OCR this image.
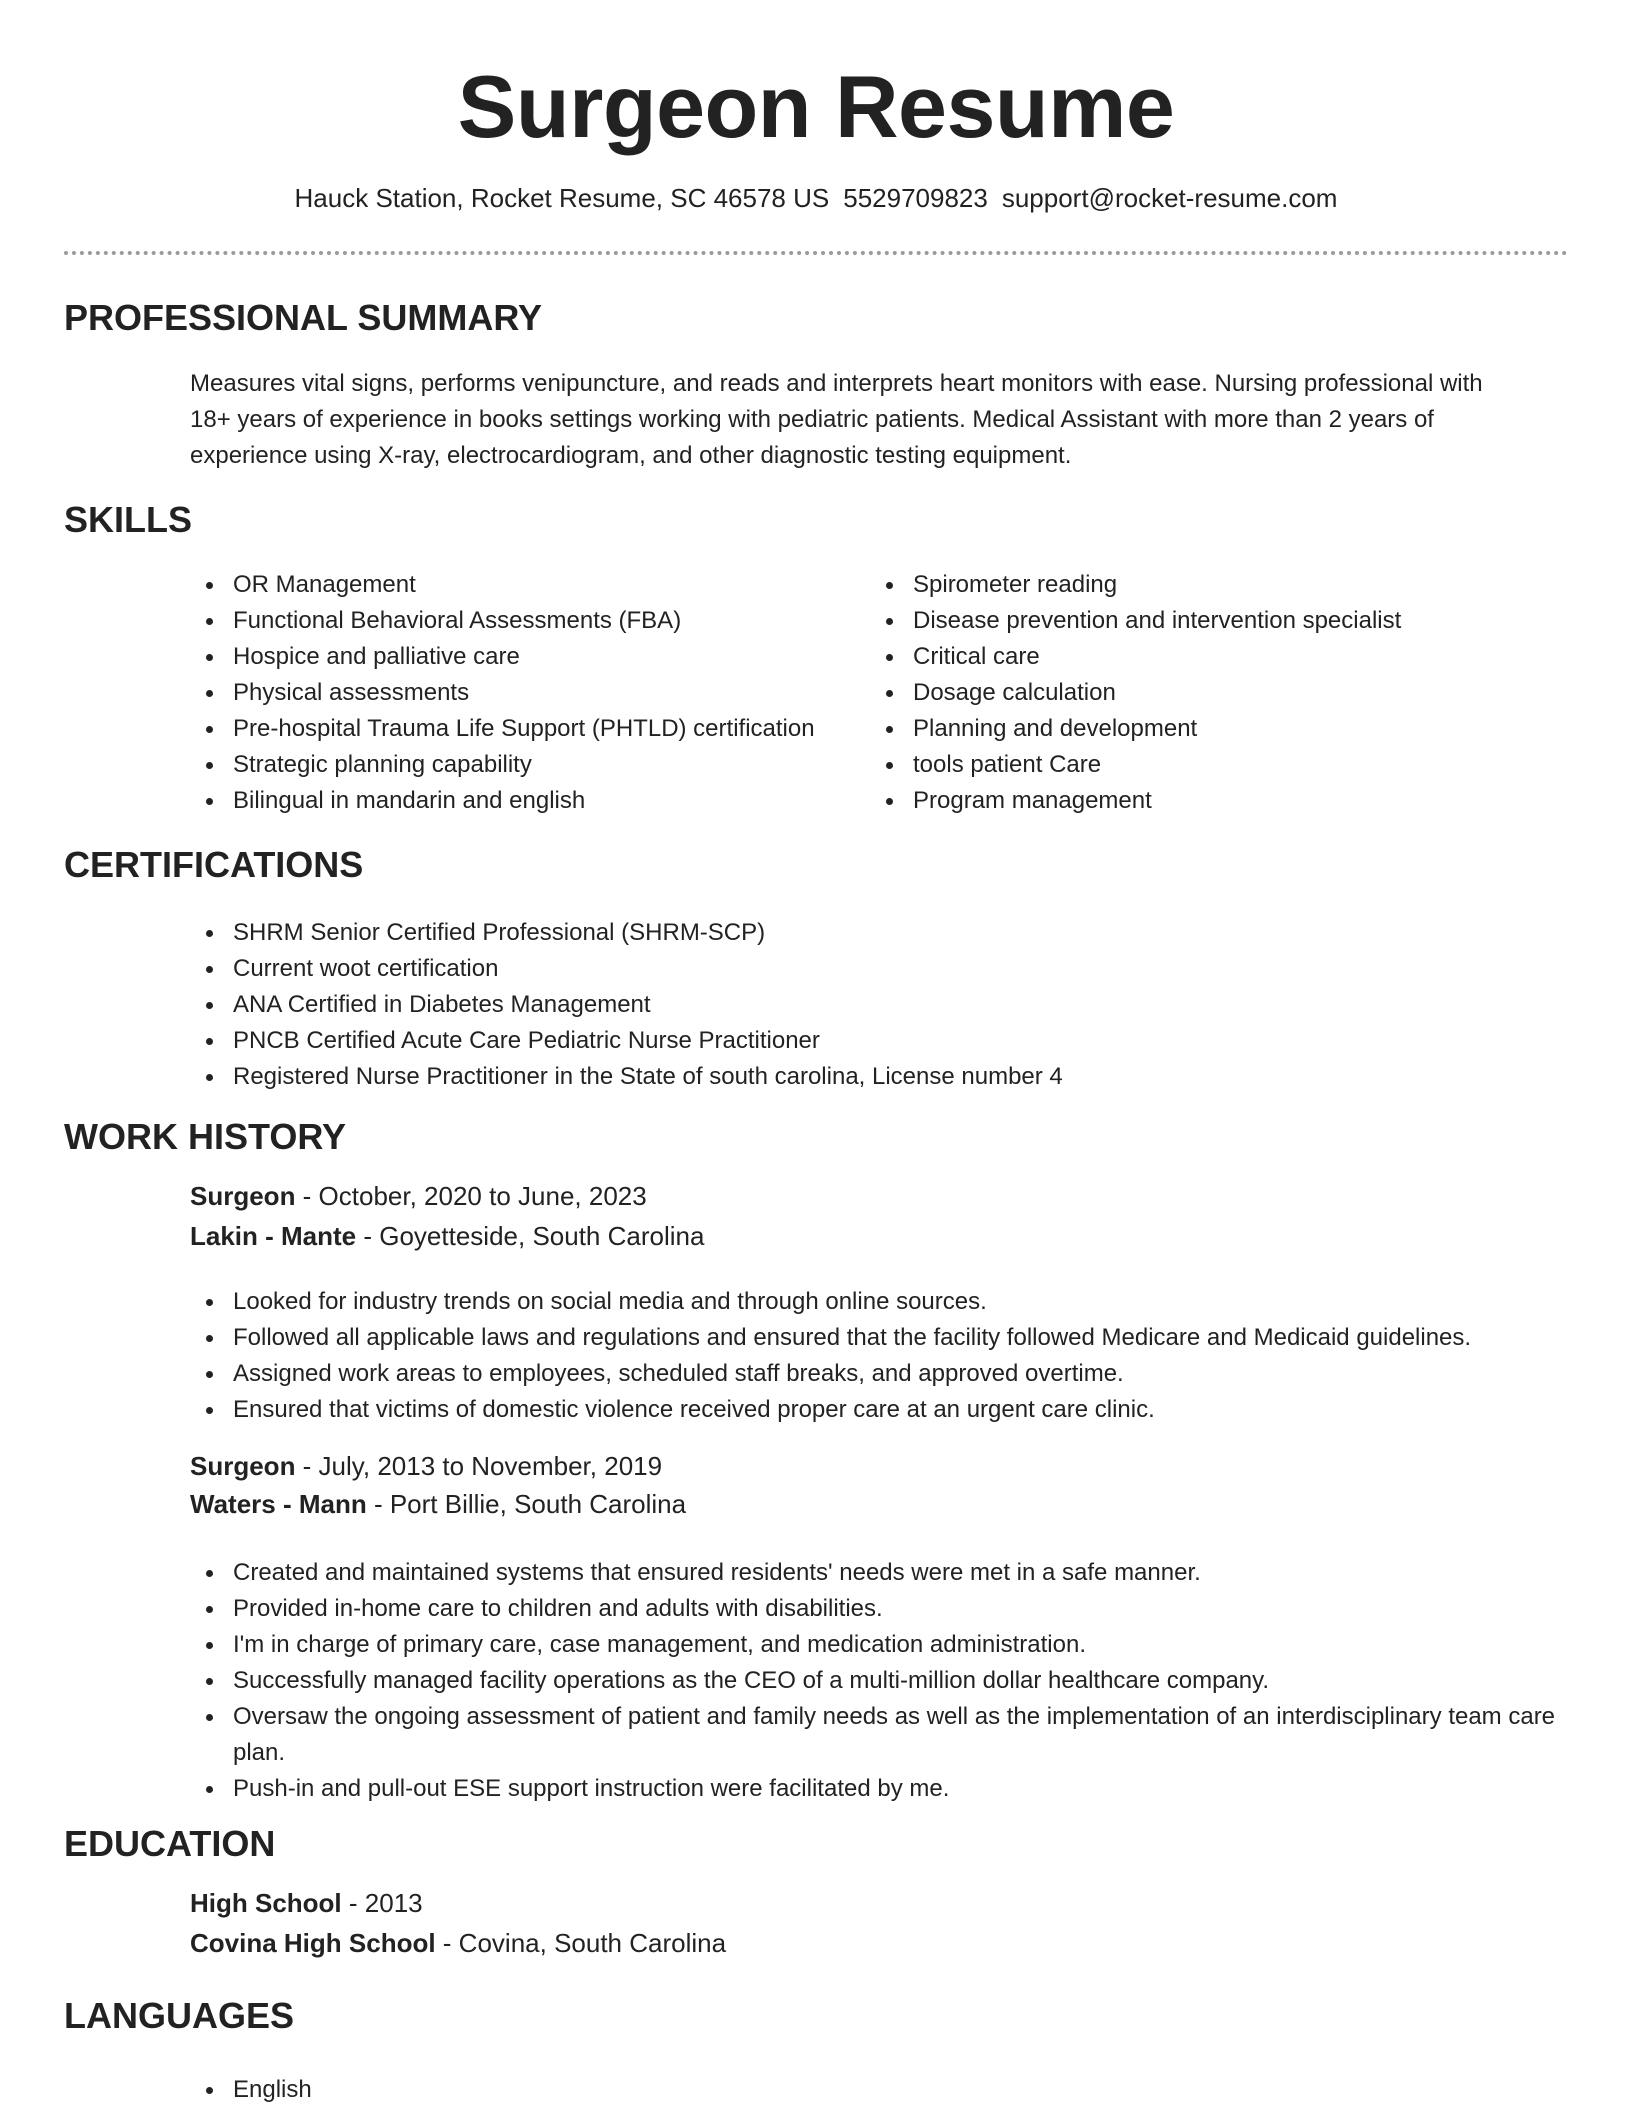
Surgeon Resume
Hauck Station, Rocket Resume, SC 46578 US 5529709823 support@rocket-resume.com
PROFESSIONAL SUMMARY
Measures vital signs, performs venipuncture, and reads and interprets heart monitors with ease. Nursing professional with
18+ years of experience in books settings working with pediatric patients. Medical Assistant with more than 2 years of
experience using X-ray, electrocardiogram, and other diagnostic testing equipment.
SKILLS
OR Management
Functional Behavioral Assessments (FBA)
Hospice and palliative care
Physical assessments
Pre-hospital Trauma Life Support (PHTLD) certification
Strategic planning capability
Bilingual in mandarin and english
Spirometer reading
Disease prevention and intervention specialist
Critical care
Dosage calculation
Planning and development
tools patient Care
Program management
CERTIFICATIONS
SHRM Senior Certified Professional (SHRM-SCP)
Current woot certification
ANA Certified in Diabetes Management
PNCB Certified Acute Care Pediatric Nurse Practitioner
Registered Nurse Practitioner in the State of south carolina, License number 4
WORK HISTORY
Surgeon - October, 2020 to June, 2023
Lakin - Mante - Goyetteside, South Carolina
Looked for industry trends on social media and through online sources.
Followed all applicable laws and regulations and ensured that the facility followed Medicare and Medicaid guidelines.
Assigned work areas to employees, scheduled staff breaks, and approved overtime.
Ensured that victims of domestic violence received proper care at an urgent care clinic.
Surgeon - July, 2013 to November, 2019
Waters - Mann - Port Billie, South Carolina
Created and maintained systems that ensured residents' needs were met in a safe manner.
Provided in-home care to children and adults with disabilities.
I'm in charge of primary care, case management, and medication administration.
Successfully managed facility operations as the CEO of a multi-million dollar healthcare company.
Oversaw the ongoing assessment of patient and family needs as well as the implementation of an interdisciplinary team care plan.
Push-in and pull-out ESE support instruction were facilitated by me.
EDUCATION
High School - 2013
Covina High School - Covina, South Carolina
LANGUAGES
English
